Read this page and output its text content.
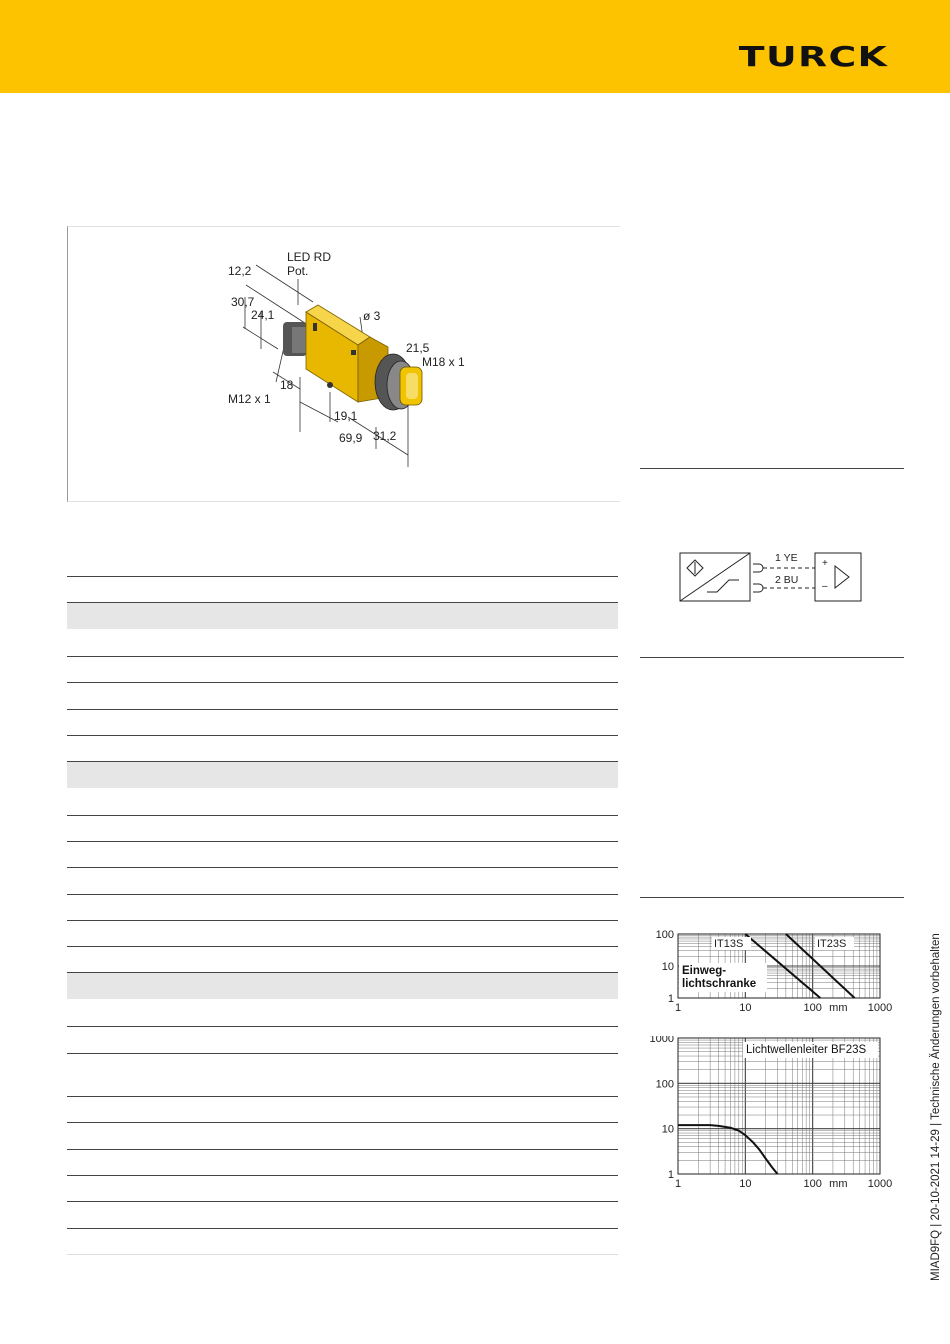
TURCK
LED RD
Pot.
12,2
30,7
24,1	ø 3
21,5
M18 x 1
18
M12 x 1
19,1
69,9 31,2
1 YE
2 BU
+
–
1	10	100	1000
1
10
100
mm
IT13S	IT23S
Einweg-lichtschranke
1	10	100	1000
1
10
100
1000
mm
Lichtwellenleiter BF23S	MIAD9FQ | 20-10-2021 14-29 | Technische Änderungen vorbehalten
